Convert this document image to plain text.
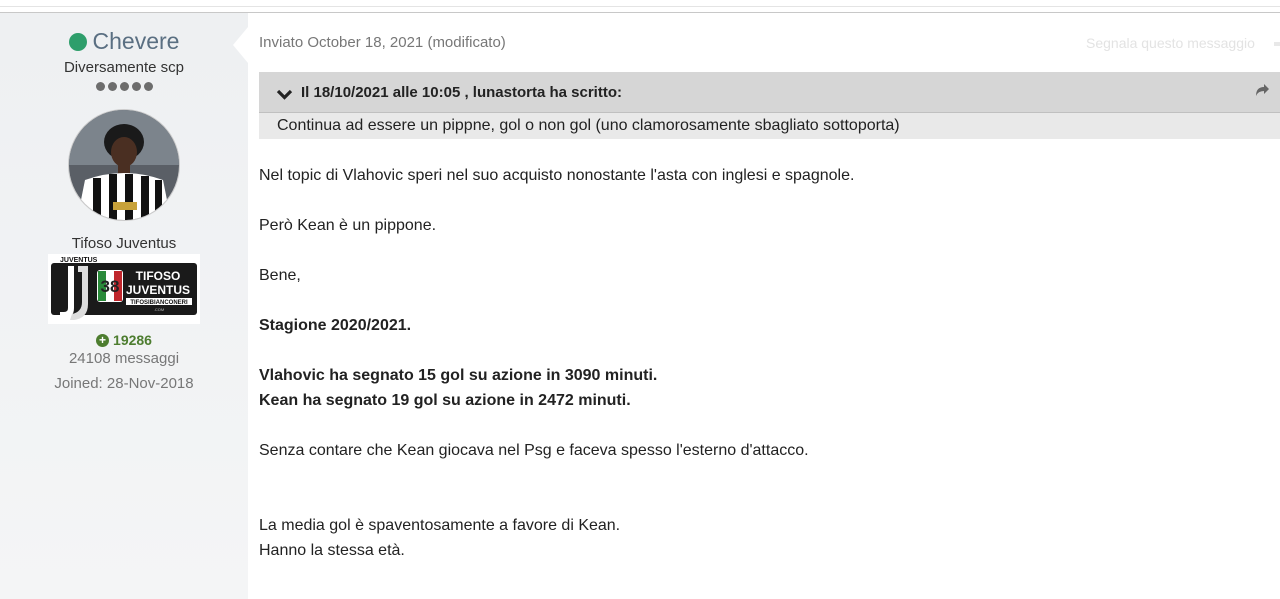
Chevere
Diversamente scp
Tifoso Juventus
JUVENTUS
38
TIFOSO
JUVENTUS
TIFOSIBIANCONERI
.COM
+ 19286
24108 messaggi
Joined: 28-Nov-2018
Inviato October 18, 2021 (modificato)	Segnala questo messaggio
Il 18/10/2021 alle 10:05 , lunastorta ha scritto:
Continua ad essere un pippne, gol o non gol (uno clamorosamente sbagliato sottoporta)

Nel topic di Vlahovic speri nel suo acquisto nonostante l'asta con inglesi e spagnole.

Però Kean è un pippone.

Bene,

Stagione 2020/2021.

Vlahovic ha segnato 15 gol su azione in 3090 minuti.

Kean ha segnato 19 gol su azione in 2472 minuti.

Senza contare che Kean giocava nel Psg e faceva spesso l'esterno d'attacco.

La media gol è spaventosamente a favore di Kean.

Hanno la stessa età.
